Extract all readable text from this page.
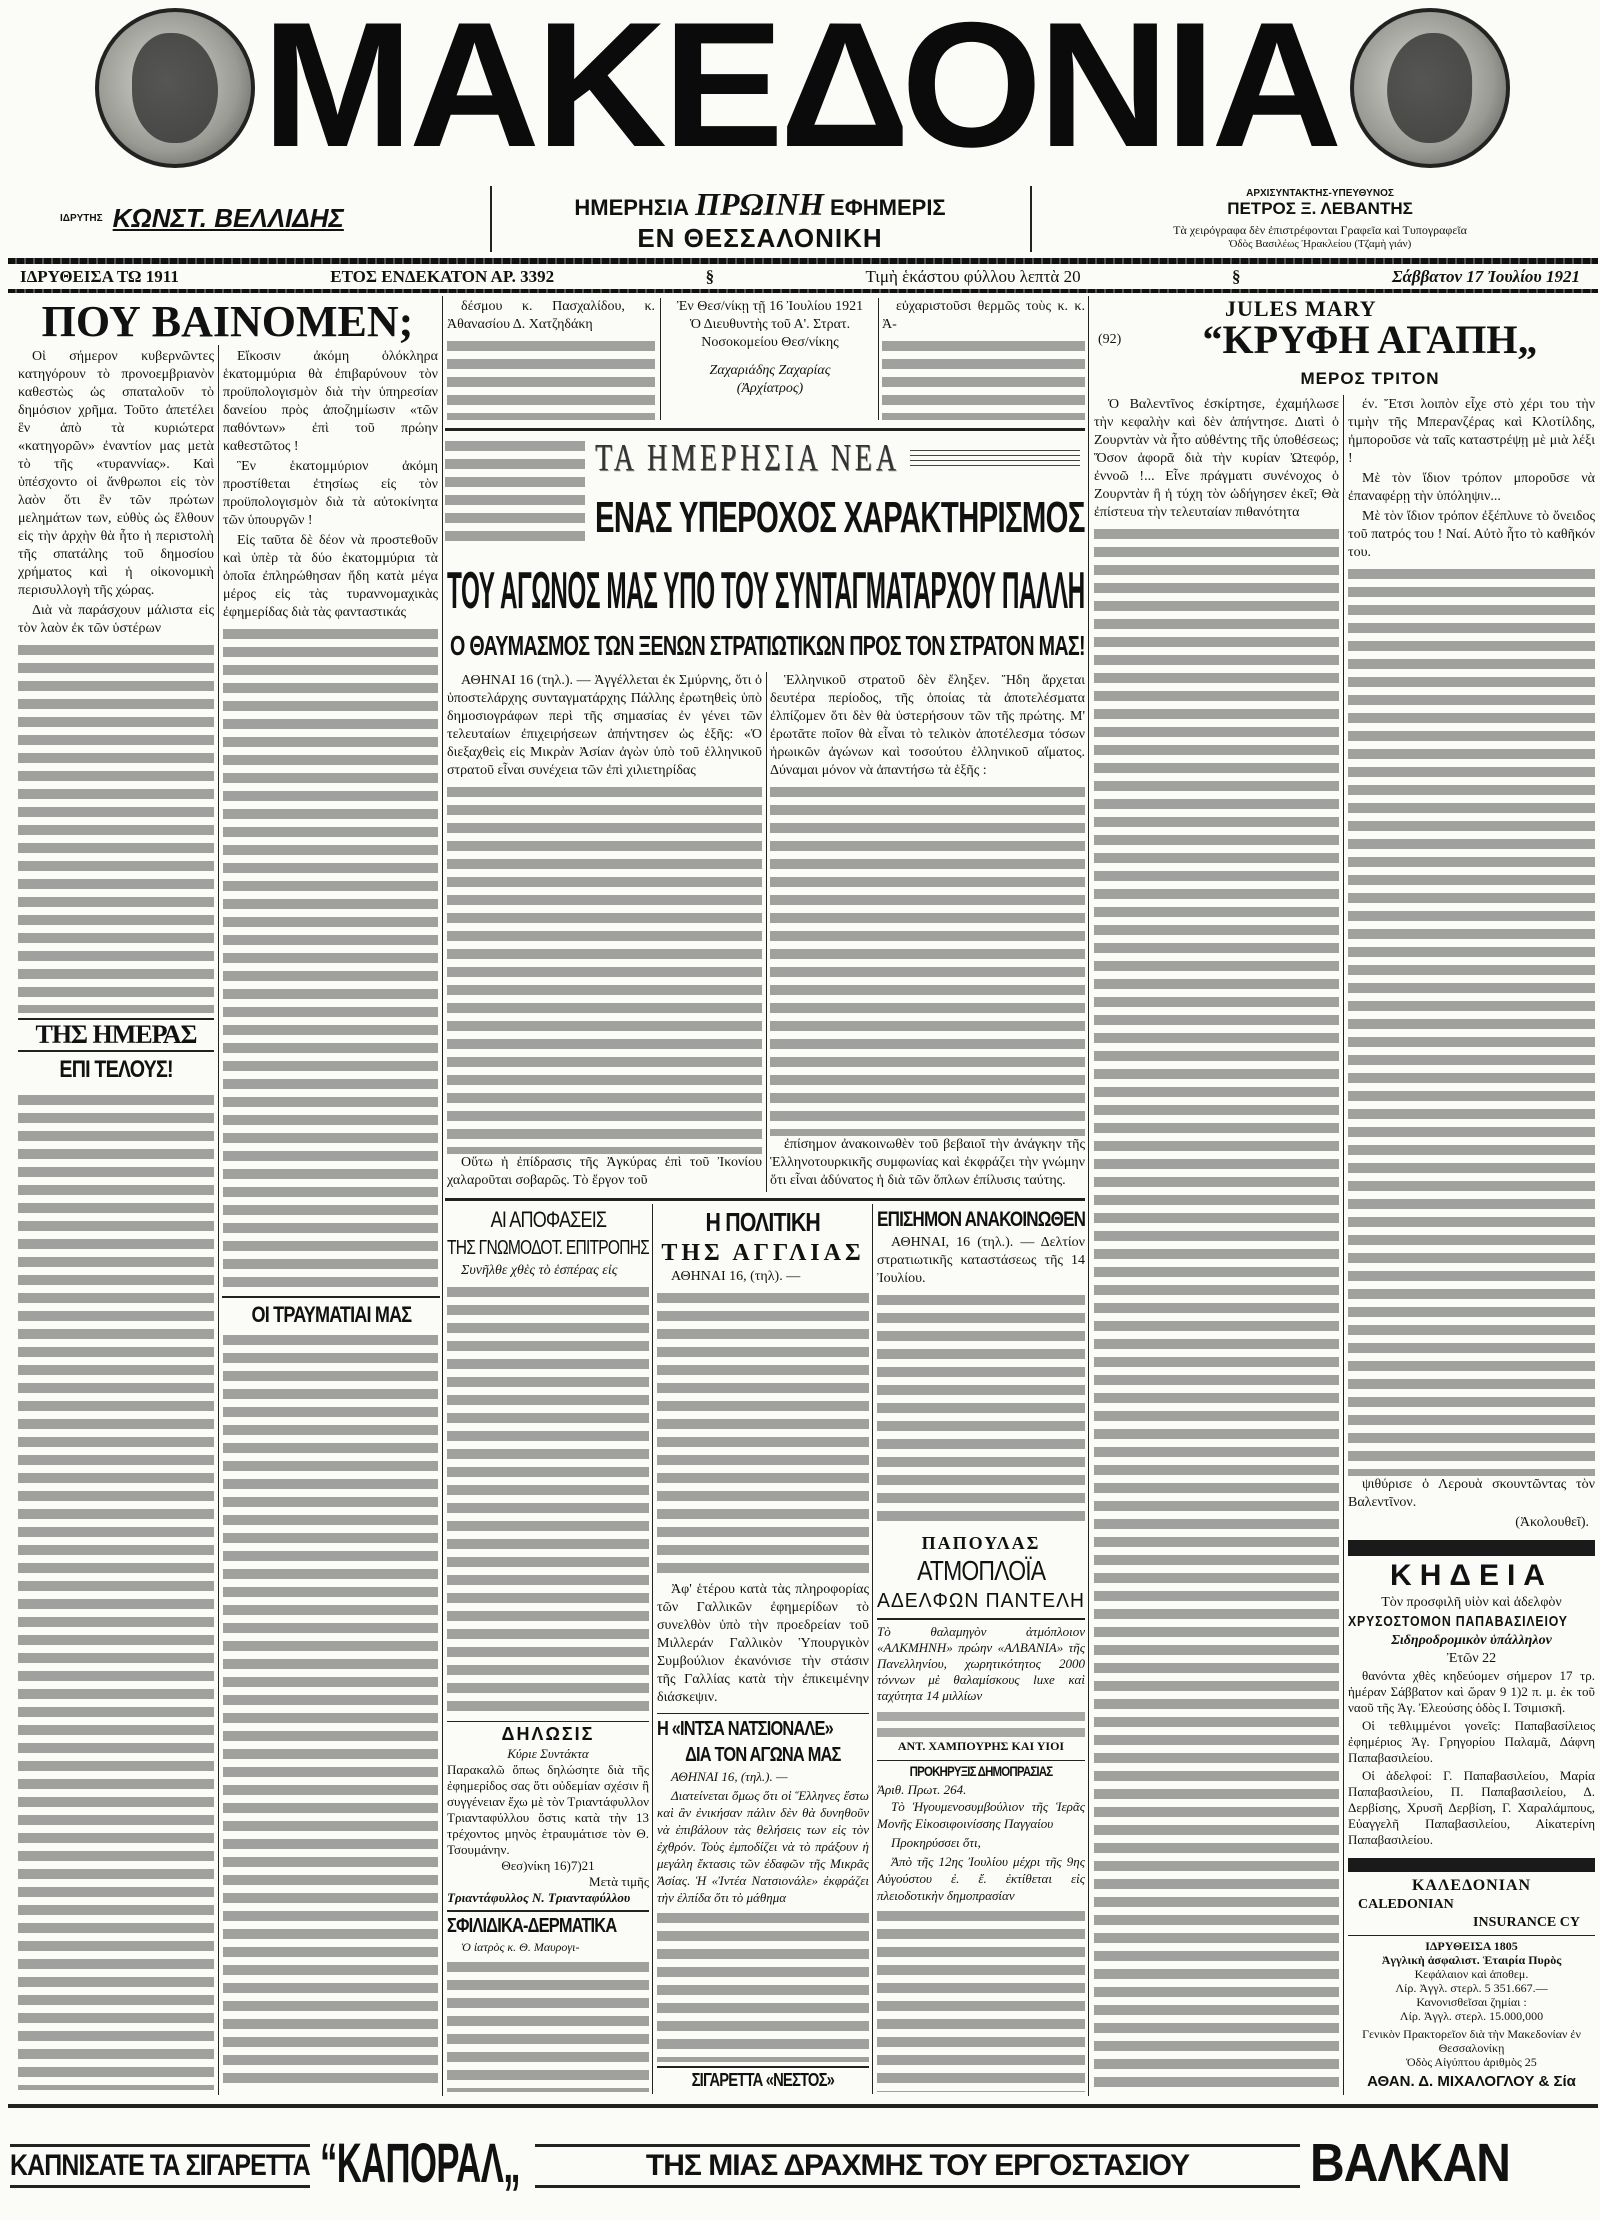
ΜΑΚΕΔΟΝΙΑ
ΙΔΡΥΤΗΣ ΚΩΝΣΤ. ΒΕΛΛΙΔΗΣ	ΗΜΕΡΗΣΙΑ ΠΡΩΙΝΗ ΕΦΗΜΕΡΙΣ
ΕΝ ΘΕΣΣΑΛΟΝΙΚΗ
ΑΡΧΙΣΥΝΤΑΚΤΗΣ-ΥΠΕΥΘΥΝΟΣ
ΠΕΤΡΟΣ Ξ. ΛΕΒΑΝΤΗΣ
Τὰ χειρόγραφα δὲν ἐπιστρέφονται Γραφεῖα καὶ Τυπογραφεῖα
Ὁδὸς Βασιλέως Ἡρακλείου (Τζαμὴ γιάν)
ΙΔΡΥΘΕΙΣΑ ΤΩ 1911	ΕΤΟΣ ΕΝΔΕΚΑΤΟΝ ΑΡ. 3392	§	Τιμὴ ἑκάστου φύλλου λεπτὰ 20	§	Σάββατον 17 Ἰουλίου 1921
ΠΟΥ ΒΑΙΝΟΜΕΝ;

Οἱ σήμερον κυβερνῶντες κατηγόρουν τὸ προνοεμβριανὸν καθεστὼς ὡς σπαταλοῦν τὸ δημόσιον χρῆμα. Τοῦτο ἀπετέλει ἓν ἀπὸ τὰ κυριώτερα «κατηγορῶν» ἐναντίον μας μετὰ τὸ τῆς «τυραννίας». Καὶ ὑπέσχοντο οἱ ἄνθρωποι εἰς τὸν λαὸν ὅτι ἓν τῶν πρώτων μελημάτων των, εὐθὺς ὡς ἔλθουν εἰς τὴν ἀρχὴν θὰ ἦτο ἡ περιστολὴ τῆς σπατάλης τοῦ δημοσίου χρήματος καὶ ἡ οἰκονομικὴ περισυλλογὴ τῆς χώρας.

Διὰ νὰ παράσχουν μάλιστα εἰς τὸν λαὸν ἐκ τῶν ὑστέρων

Εἴκοσιν ἀκόμη ὁλόκληρα ἑκατομμύρια θὰ ἐπιβαρύνουν τὸν προϋπολογισμὸν διὰ τὴν ὑπηρεσίαν δανείου πρὸς ἀποζημίωσιν «τῶν παθόντων» ἐπὶ τοῦ πρώην καθεστῶτος !

Ἓν ἑκατομμύριον ἀκόμη προστίθεται ἐτησίως εἰς τὸν προϋπολογισμὸν διὰ τὰ αὐτοκίνητα τῶν ὑπουργῶν !

Εἰς ταῦτα δὲ δέον νὰ προστεθοῦν καὶ ὑπὲρ τὰ δύο ἑκατομμύρια τὰ ὁποῖα ἐπληρώθησαν ἤδη κατὰ μέγα μέρος εἰς τὰς τυραννομαχικὰς ἐφημερίδας διὰ τὰς φανταστικάς

ΤΗΣ ΗΜΕΡΑΣ
ΕΠΙ ΤΕΛΟΥΣ!
ΟΙ ΤΡΑΥΜΑΤΙΑΙ ΜΑΣ

δέσμου κ. Πασχαλίδου, κ. Ἀθανασίου Δ. Χατζηδάκη

Ἐν Θεσ/νίκῃ τῇ 16 Ἰουλίου 1921
Ὁ Διευθυντὴς τοῦ Α'. Στρατ. Νοσοκομείου Θεσ/νίκης
Ζαχαριάδης Ζαχαρίας
(Ἀρχίατρος)

εὐχαριστοῦσι θερμῶς τοὺς κ. κ. Ἀ-

ΤΑ ΗΜΕΡΗΣΙΑ ΝΕΑ
ΕΝΑΣ ΥΠΕΡΟΧΟΣ ΧΑΡΑΚΤΗΡΙΣΜΟΣ
ΤΟΥ ΑΓΩΝΟΣ ΜΑΣ ΥΠΟ ΤΟΥ ΣΥΝΤΑΓΜΑΤΑΡΧΟΥ ΠΑΛΛΗ
Ο ΘΑΥΜΑΣΜΟΣ ΤΩΝ ΞΕΝΩΝ ΣΤΡΑΤΙΩΤΙΚΩΝ ΠΡΟΣ ΤΟΝ ΣΤΡΑΤΟΝ ΜΑΣ!

ΑΘΗΝΑΙ 16 (τηλ.). — Ἀγγέλλεται ἐκ Σμύρνης, ὅτι ὁ ὑποστελάρχης συνταγματάρχης Πάλλης ἐρωτηθεὶς ὑπὸ δημοσιογράφων περὶ τῆς σημασίας ἐν γένει τῶν τελευταίων ἐπιχειρήσεων ἀπήντησεν ὡς ἑξῆς: «Ὁ διεξαχθεὶς εἰς Μικρὰν Ἀσίαν ἀγὼν ὑπὸ τοῦ ἑλληνικοῦ στρατοῦ εἶναι συνέχεια τῶν ἐπὶ χιλιετηρίδας

Οὕτω ἡ ἐπίδρασις τῆς Ἀγκύρας ἐπὶ τοῦ Ἰκονίου χαλαροῦται σοβαρῶς. Τὸ ἔργον τοῦ

Ἑλληνικοῦ στρατοῦ δὲν ἔληξεν. Ἤδη ἄρχεται δευτέρα περίοδος, τῆς ὁποίας τὰ ἀποτελέσματα ἐλπίζομεν ὅτι δὲν θὰ ὑστερήσουν τῶν τῆς πρώτης. Μ' ἐρωτᾶτε ποῖον θὰ εἶναι τὸ τελικὸν ἀποτέλεσμα τόσων ἡρωικῶν ἀγώνων καὶ τοσούτου ἑλληνικοῦ αἵματος. Δύναμαι μόνον νὰ ἀπαντήσω τὰ ἑξῆς :

ἐπίσημον ἀνακοινωθὲν τοῦ βεβαιοῖ τὴν ἀνάγκην τῆς Ἑλληνοτουρκικῆς συμφωνίας καὶ ἐκφράζει τὴν γνώμην ὅτι εἶναι ἀδύνατος ἡ διὰ τῶν ὅπλων ἐπίλυσις ταύτης.

ΑΙ ΑΠΟΦΑΣΕΙΣ
ΤΗΣ ΓΝΩΜΟΔΟΤ. ΕΠΙΤΡΟΠΗΣ

Συνῆλθε χθὲς τὸ ἑσπέρας εἰς

ΔΗΛΩΣΙΣ
Κύριε Συντάκτα
Παρακαλῶ ὅπως δηλώσητε διὰ τῆς ἐφημερίδος σας ὅτι οὐδεμίαν σχέσιν ἢ συγγένειαν ἔχω μὲ τὸν Τριαντάφυλλον Τριανταφύλλου ὅστις κατὰ τὴν 13 τρέχοντος μηνὸς ἐτραυμάτισε τὸν Θ. Τσουμάνην.
Θεσ)νίκη 16)7)21
Μετὰ τιμῆς
Τριαντάφυλλος Ν. Τριανταφύλλου
ΣΦΙΛΙΔΙΚΑ-ΔΕΡΜΑΤΙΚΑ

Ὁ ἰατρὸς κ. Θ. Μαυρογι-

Η ΠΟΛΙΤΙΚΗ
ΤΗΣ ΑΓΓΛΙΑΣ

ΑΘΗΝΑΙ 16, (τηλ). —

Ἀφ' ἑτέρου κατὰ τὰς πληροφορίας τῶν Γαλλικῶν ἐφημερίδων τὸ συνελθὸν ὑπὸ τὴν προεδρείαν τοῦ Μιλλεράν Γαλλικὸν Ὑπουργικὸν Συμβούλιον ἐκανόνισε τὴν στάσιν τῆς Γαλλίας κατὰ τὴν ἐπικειμένην διάσκεψιν.

Η «ΙΝΤΣΑ ΝΑΤΣΙΟΝΑΛΕ»
ΔΙΑ ΤΟΝ ΑΓΩΝΑ ΜΑΣ

ΑΘΗΝΑΙ 16, (τηλ.). —

Διατείνεται ὅμως ὅτι οἱ Ἕλληνες ἔστω καὶ ἂν ἐνικήσαν πάλιν δὲν θὰ δυνηθοῦν νὰ ἐπιβάλουν τὰς θελήσεις των εἰς τὸν ἐχθρόν. Τοὺς ἐμποδίζει νὰ τὸ πράξουν ἡ μεγάλη ἔκτασις τῶν ἐδαφῶν τῆς Μικρᾶς Ἀσίας. Ἡ «Ἰντέα Νατσιονάλε» ἐκφράζει τὴν ἐλπίδα ὅτι τὸ μάθημα

ΣΙΓΑΡΕΤΤΑ «ΝΕΣΤΟΣ»
ΕΠΙΣΗΜΟΝ ΑΝΑΚΟΙΝΩΘΕΝ

ΑΘΗΝΑΙ, 16 (τηλ.). — Δελτίον στρατιωτικῆς καταστάσεως τῆς 14 Ἰουλίου.

ΠΑΠΟΥΛΑΣ
ΑΤΜΟΠΛΟΪΑ
ΑΔΕΛΦΩΝ ΠΑΝΤΕΛΗ
Τὸ θαλαμηγὸν ἀτμόπλοιον «ΑΛΚΜΗΝΗ» πρώην «ΑΛΒΑΝΙΑ» τῆς Πανελληνίου, χωρητικότητος 2000 τόννων μὲ θαλαμίσκους luxe καὶ ταχύτητα 14 μιλλίων
ΑΝΤ. ΧΑΜΠΟΥΡΗΣ ΚΑΙ ΥΙΟΙ
ΠΡΟΚΗΡΥΞΙΣ ΔΗΜΟΠΡΑΣΙΑΣ
Ἀριθ. Πρωτ. 264.

Τὸ Ἡγουμενοσυμβούλιον τῆς Ἱερᾶς Μονῆς Εἰκοσιφοινίσσης Παγγαίου

Προκηρύσσει ὅτι,

Ἀπὸ τῆς 12ης Ἰουλίου μέχρι τῆς 9ης Αὐγούστου ἐ. ἔ. ἐκτίθεται εἰς πλειοδοτικὴν δημοπρασίαν

JULES MARY
(92)	“ΚΡΥΦΗ ΑΓΑΠΗ„
ΜΕΡΟΣ ΤΡΙΤΟΝ

Ὁ Βαλεντῖνος ἐσκίρτησε, ἐχαμήλωσε τὴν κεφαλὴν καὶ δὲν ἀπήντησε. Διατὶ ὁ Ζουρντὰν νὰ ἦτο αὐθέντης τῆς ὑποθέσεως; Ὅσον ἀφορᾶ διὰ τὴν κυρίαν Ὠτεφόρ, ἐννοῶ !... Εἶνε πράγματι συνένοχος ὁ Ζουρντὰν ἢ ἡ τύχη τὸν ὡδήγησεν ἐκεῖ; Θὰ ἐπίστευα τὴν τελευταίαν πιθανότητα

έν. Ἔτσι λοιπὸν εἶχε στὸ χέρι του τὴν τιμὴν τῆς Μπερανζέρας καὶ Κλοτίλδης, ἠμποροῦσε νὰ ταῖς καταστρέψῃ μὲ μιὰ λέξι !

Μὲ τὸν ἴδιον τρόπον μποροῦσε νὰ ἐπαναφέρῃ τὴν ὑπόληψιν...

Μὲ τὸν ἴδιον τρόπον ἐξέπλυνε τὸ ὄνειδος τοῦ πατρός του ! Ναί. Αὐτὸ ἦτο τὸ καθῆκόν του.

ψιθύρισε ὁ Λερουὰ σκουντῶντας τὸν Βαλεντῖνον.

(Ἀκολουθεῖ).
ΚΗΔΕΙΑ
Τὸν προσφιλῆ υἱὸν καὶ ἀδελφὸν
ΧΡΥΣΟΣΤΟΜΟΝ ΠΑΠΑΒΑΣΙΛΕΙΟΥ
Σιδηροδρομικὸν ὑπάλληλον
Ἐτῶν 22

θανόντα χθὲς κηδεύομεν σήμερον 17 τρ. ἡμέραν Σάββατον καὶ ὥραν 9 1)2 π. μ. ἐκ τοῦ ναοῦ τῆς Ἁγ. Ἐλεούσης ὁδὸς Ι. Τσιμισκῆ.

Οἱ τεθλιμμένοι γονεῖς: Παπαβασίλειος ἐφημέριος Ἁγ. Γρηγορίου Παλαμᾶ, Δάφνη Παπαβασιλείου.

Οἱ ἀδελφοί: Γ. Παπαβασιλείου, Μαρία Παπαβασιλείου, Π. Παπαβασιλείου, Δ. Δερβίσης, Χρυσῆ Δερβίση, Γ. Χαραλάμπους, Εὐαγγελῆ Παπαβασιλείου, Αἰκατερίνη Παπαβασιλείου.

ΚΑΛΕΔΟΝΙΑΝ
CALEDONIAN
INSURANCE CY
ΙΔΡΥΘΕΙΣΑ 1805
Ἀγγλικὴ ἀσφαλιστ. Ἑταιρία Πυρὸς
Κεφάλαιον καὶ ἀποθεμ.
Λίρ. Ἀγγλ. στερλ. 5 351.667.—
Κανονισθεῖσαι ζημίαι :
Λίρ. Ἀγγλ. στερλ. 15.000,000
Γενικὸν Πρακτορεῖον διὰ τὴν Μακεδονίαν ἐν Θεσσαλονίκῃ
Ὁδὸς Αἰγύπτου ἀριθμὸς 25
ΑΘΑΝ. Δ. ΜΙΧΑΛΟΓΛΟΥ & Σία
ΚΑΠΝΙΣΑΤΕ ΤΑ ΣΙΓΑΡΕΤΤΑ “ΚΑΠΟΡΑΛ„	ΤΗΣ ΜΙΑΣ ΔΡΑΧΜΗΣ ΤΟΥ ΕΡΓΟΣΤΑΣΙΟΥ	ΒΑΛΚΑΝ
